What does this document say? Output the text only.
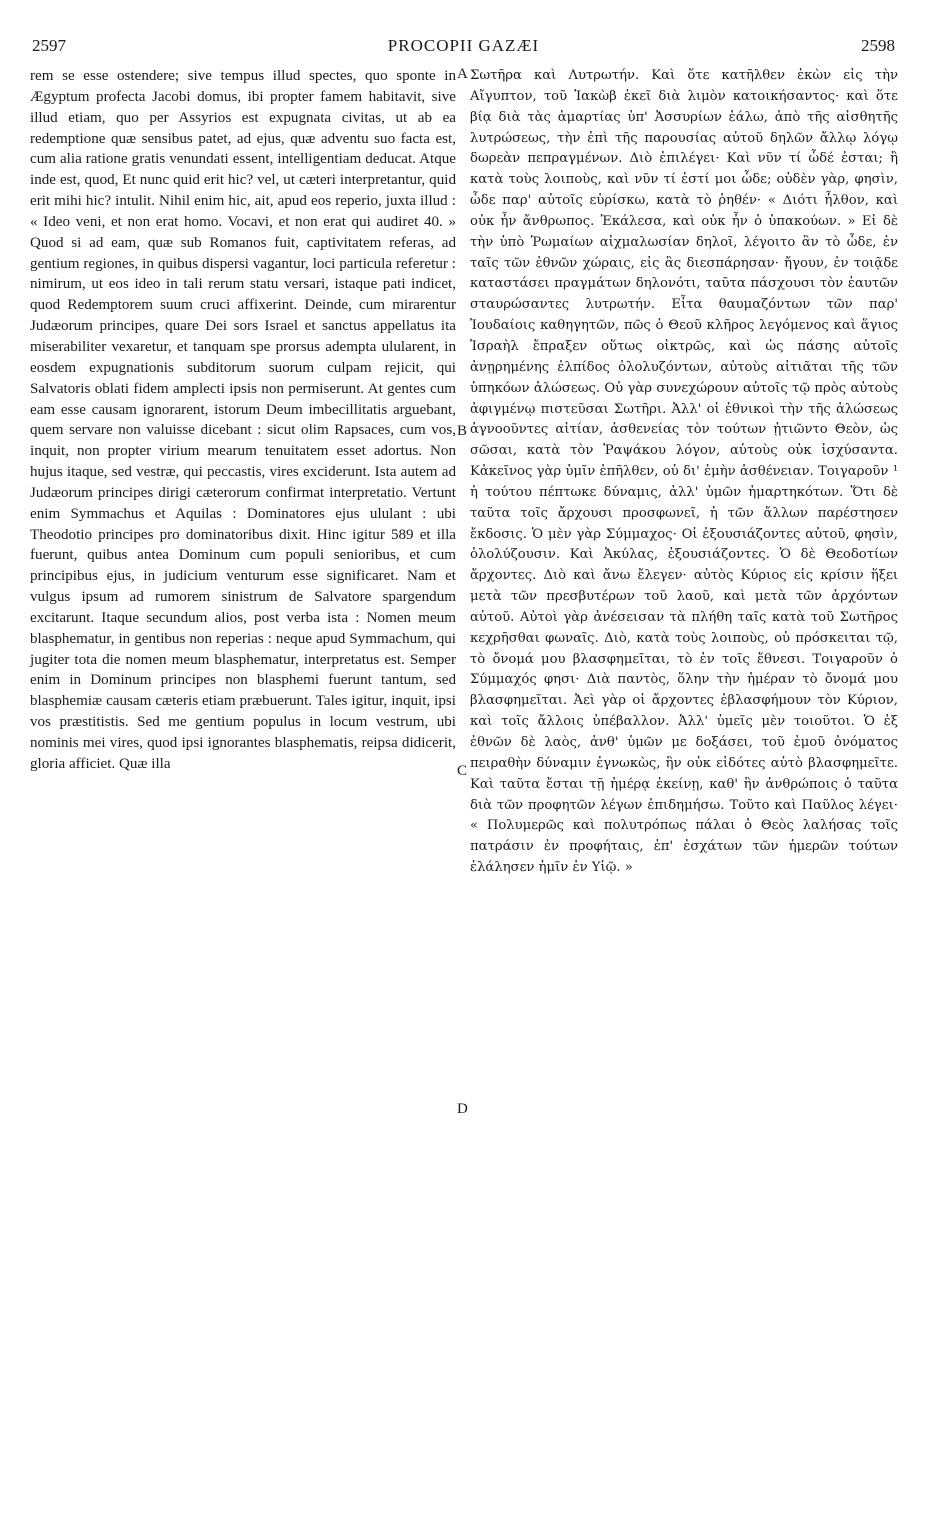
2597	PROCOPII GAZÆI	2598

rem se esse ostendere; sive tempus illud spectes, quo sponte in Ægyptum profecta Jacobi domus, ibi propter famem habitavit, sive illud etiam, quo per Assyrios est expugnata civitas, ut ab ea redemptione quæ sensibus patet, ad ejus, quæ adventu suo facta est, cum alia ratione gratis venundati essent, intelligentiam deducat. Atque inde est, quod, Et nunc quid erit hic? vel, ut cæteri interpretantur, quid erit mihi hic? intulit. Nihil enim hic, ait, apud eos reperio, juxta illud : « Ideo veni, et non erat homo. Vocavi, et non erat qui audiret 40. » Quod si ad eam, quæ sub Romanos fuit, captivitatem referas, ad gentium regiones, in quibus dispersi vagantur, loci particula referetur : nimirum, ut eos ideo in tali rerum statu versari, istaque pati indicet, quod Redemptorem suum cruci affixerint. Deinde, cum mirarentur Judæorum principes, quare Dei sors Israel et sanctus appellatus ita miserabiliter vexaretur, et tanquam spe prorsus adempta ulularent, in eosdem expugnationis subditorum suorum culpam rejicit, qui Salvatoris oblati fidem amplecti ipsis non permiserunt. At gentes cum eam esse causam ignorarent, istorum Deum imbecillitatis arguebant, quem servare non valuisse dicebant : sicut olim Rapsaces, cum vos, inquit, non propter virium mearum tenuitatem esset adortus. Non hujus itaque, sed vestræ, qui peccastis, vires exciderunt. Ista autem ad Judæorum principes dirigi cæterorum confirmat interpretatio. Vertunt enim Symmachus et Aquilas : Dominatores ejus ululant : ubi Theodotio principes pro dominatoribus dixit. Hinc igitur 589 et illa fuerunt, quibus antea Dominum cum populi senioribus, et cum principibus ejus, in judicium venturum esse significaret. Nam et vulgus ipsum ad rumorem sinistrum de Salvatore spargendum excitarunt. Itaque secundum alios, post verba ista : Nomen meum blasphematur, in gentibus non reperias : neque apud Symmachum, qui jugiter tota die nomen meum blasphematur, interpretatus est. Semper enim in Dominum principes non blasphemi fuerunt tantum, sed blasphemiæ causam cæteris etiam præbuerunt. Tales igitur, inquit, ipsi vos præstitistis. Sed me gentium populus in locum vestrum, ubi nominis mei vires, quod ipsi ignorantes blasphematis, reipsa didicerit, gloria afficiet. Quæ illa

Σωτῆρα καὶ Λυτρωτήν. Καὶ ὅτε κατῆλθεν ἑκὼν εἰς τὴν Αἴγυπτον, τοῦ Ἰακὼβ ἐκεῖ διὰ λιμὸν κατοικήσαντος· καὶ ὅτε βίᾳ διὰ τὰς ἁμαρτίας ὑπ' Ἀσσυρίων ἑάλω, ἀπὸ τῆς αἰσθητῆς λυτρώσεως, τὴν ἐπὶ τῆς παρουσίας αὐτοῦ δηλῶν ἄλλῳ λόγῳ δωρεὰν πεπραγμένων. Διὸ ἐπιλέγει· Καὶ νῦν τί ὧδέ ἐσται; ἢ κατὰ τοὺς λοιποὺς, καὶ νῦν τί ἐστί μοι ὧδε; οὐδὲν γὰρ, φησὶν, ὧδε παρ' αὐτοῖς εὑρίσκω, κατὰ τὸ ῥηθέν· « Διότι ἦλθον, καὶ οὐκ ἦν ἄνθρωπος. Ἐκάλεσα, καὶ οὐκ ἦν ὁ ὑπακούων. » Εἰ δὲ τὴν ὑπὸ Ῥωμαίων αἰχμαλωσίαν δηλοῖ, λέγοιτο ἂν τὸ ὧδε, ἐν ταῖς τῶν ἐθνῶν χώραις, εἰς ἃς διεσπάρησαν· ἤγουν, ἐν τοιᾷδε καταστάσει πραγμάτων δηλονότι, ταῦτα πάσχουσι τὸν ἑαυτῶν σταυρώσαντες λυτρωτήν. Εἶτα θαυμαζόντων τῶν παρ' Ἰουδαίοις καθηγητῶν, πῶς ὁ Θεοῦ κλῆρος λεγόμενος καὶ ἅγιος Ἰσραὴλ ἔπραξεν οὕτως οἰκτρῶς, καὶ ὡς πάσης αὐτοῖς ἀνῃρημένης ἐλπίδος ὀλολυζόντων, αὐτοὺς αἰτιᾶται τῆς τῶν ὑπηκόων ἁλώσεως. Οὐ γὰρ συνεχώρουν αὐτοῖς τῷ πρὸς αὐτοὺς ἀφιγμένῳ πιστεῦσαι Σωτῆρι. Ἀλλ' οἱ ἐθνικοὶ τὴν τῆς ἁλώσεως ἀγνοοῦντες αἰτίαν, ἀσθενείας τὸν τούτων ᾐτιῶντο Θεὸν, ὡς σῶσαι, κατὰ τὸν Ῥαψάκου λόγον, αὐτοὺς οὐκ ἰσχύσαντα. Κἀκεῖνος γὰρ ὑμῖν ἐπῆλθεν, οὐ δι' ἐμὴν ἀσθένειαν. Τοιγαροῦν ¹ ἡ τούτου πέπτωκε δύναμις, ἀλλ' ὑμῶν ἡμαρτηκότων. Ὅτι δὲ ταῦτα τοῖς ἄρχουσι προσφωνεῖ, ἡ τῶν ἄλλων παρέστησεν ἔκδοσις. Ὁ μὲν γὰρ Σύμμαχος· Οἱ ἐξουσιάζοντες αὐτοῦ, φησὶν, ὀλολύζουσιν. Καὶ Ἀκύλας, ἐξουσιάζοντες. Ὁ δὲ Θεοδοτίων ἄρχοντες. Διὸ καὶ ἄνω ἔλεγεν· αὐτὸς Κύριος εἰς κρίσιν ἥξει μετὰ τῶν πρεσβυτέρων τοῦ λαοῦ, καὶ μετὰ τῶν ἀρχόντων αὐτοῦ. Αὐτοὶ γὰρ ἀνέσεισαν τὰ πλήθη ταῖς κατὰ τοῦ Σωτῆρος κεχρῆσθαι φωναῖς. Διὸ, κατὰ τοὺς λοιποὺς, οὐ πρόσκειται τῷ, τὸ ὄνομά μου βλασφημεῖται, τὸ ἐν τοῖς ἔθνεσι. Τοιγαροῦν ὁ Σύμμαχός φησι· Διὰ παντὸς, ὅλην τὴν ἡμέραν τὸ ὄνομά μου βλασφημεῖται. Ἀεὶ γὰρ οἱ ἄρχοντες ἐβλασφήμουν τὸν Κύριον, καὶ τοῖς ἄλλοις ὑπέβαλλον. Ἀλλ' ὑμεῖς μὲν τοιοῦτοι. Ὁ ἐξ ἐθνῶν δὲ λαὸς, ἀνθ' ὑμῶν με δοξάσει, τοῦ ἐμοῦ ὀνόματος πειραθὴν δύναμιν ἐγνωκὼς, ἣν οὐκ εἰδότες αὐτὸ βλασφημεῖτε. Καὶ ταῦτα ἔσται τῇ ἡμέρᾳ ἐκείνῃ, καθ' ἣν ἀνθρώποις ὁ ταῦτα διὰ τῶν προφητῶν λέγων ἐπιδημήσω. Τοῦτο καὶ Παῦλος λέγει· « Πολυμερῶς καὶ πολυτρόπως πάλαι ὁ Θεὸς λαλήσας τοῖς πατράσιν ἐν προφήταις, ἐπ' ἐσχάτων τῶν ἡμερῶν τούτων ἐλάλησεν ἡμῖν ἐν Υἱῷ. »

A
B
C
D
